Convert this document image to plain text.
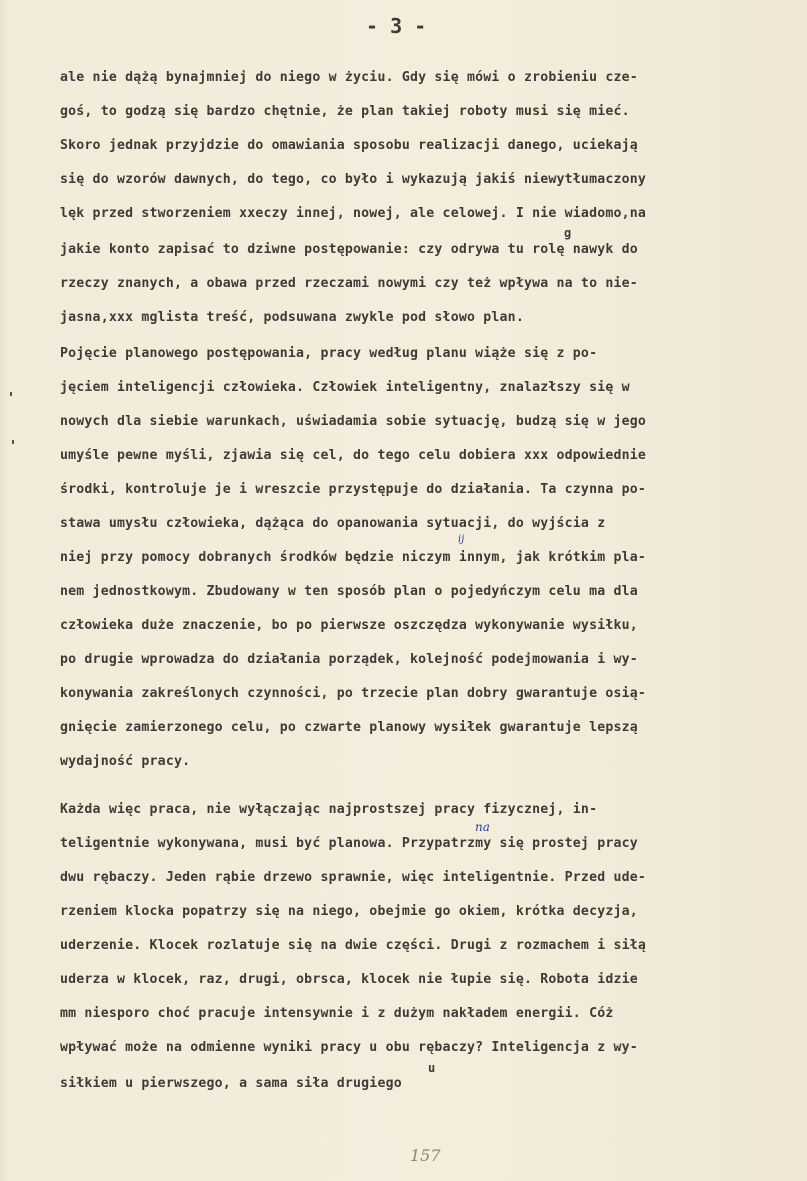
- 3 -
ale nie dążą bynajmniej do niego w życiu. Gdy się mówi o zrobieniu cze-
goś, to godzą się bardzo chętnie, że plan takiej roboty musi się mieć.
Skoro jednak przyjdzie do omawiania sposobu realizacji danego, uciekają
się do wzorów dawnych, do tego, co było i wykazują jakiś niewytłumaczony
lęk przed stworzeniem xxeczy innej, nowej, ale celowej. I nie wiadomo,na
jakie konto zapisać to dziwne postępowanie: czy odrywa tu rolę nawyk do
rzeczy znanych, a obawa przed rzeczami nowymi czy też wpływa na to nie-
jasna,xxx mglista treść, podsuwana zwykle pod słowo plan.
Pojęcie planowego postępowania, pracy według planu wiąże się z po-
jęciem inteligencji człowieka. Człowiek inteligentny, znalazłszy się w
nowych dla siebie warunkach, uświadamia sobie sytuację, budzą się w jego
umyśle pewne myśli, zjawia się cel, do tego celu dobiera xxx odpowiednie
środki, kontroluje je i wreszcie przystępuje do działania. Ta czynna po-
stawa umysłu człowieka, dążąca do opanowania sytuacji, do wyjścia z
niej przy pomocy dobranych środków będzie niczym innym, jak krótkim pla-
nem jednostkowym. Zbudowany w ten sposób plan o pojedyńczym celu ma dla
człowieka duże znaczenie, bo po pierwsze oszczędza wykonywanie wysiłku,
po drugie wprowadza do działania porządek, kolejność podejmowania i wy-
konywania zakreślonych czynności, po trzecie plan dobry gwarantuje osią-
gnięcie zamierzonego celu, po czwarte planowy wysiłek gwarantuje lepszą
wydajność pracy.
Każda więc praca, nie wyłączając najprostszej pracy fizycznej, in-
teligentnie wykonywana, musi być planowa. Przypatrzmy się prostej pracy
dwu rębaczy. Jeden rąbie drzewo sprawnie, więc inteligentnie. Przed ude-
rzeniem klocka popatrzy się na niego, obejmie go okiem, krótka decyzja,
uderzenie. Klocek rozlatuje się na dwie części. Drugi z rozmachem i siłą
uderza w klocek, raz, drugi, obrsca, klocek nie łupie się. Robota idzie
mm niesporo choć pracuje intensywnie i z dużym nakładem energii. Cóż
wpływać może na odmienne wyniki pracy u obu rębaczy? Inteligencja z wy-
siłkiem u pierwszego, a sama siła drugiego
g
na
u
ij
157
